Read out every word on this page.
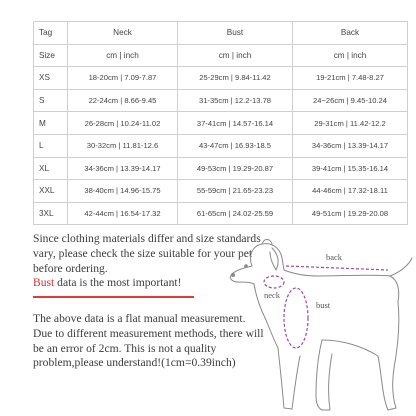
Tag	Neck	Bust	Back
Size	cm | inch	cm | inch	cm | inch
XS	18-20cm | 7.09-7.87	25-29cm | 9.84-11.42	19-21cm | 7.48-8.27
S	22-24cm | 8.66-9.45	31-35cm | 12.2-13.78	24~26cm | 9.45-10.24
M	26-28cm | 10.24-11.02	37-41cm | 14.57-16.14	29-31cm | 11.42-12.2
L	30-32cm | 11.81-12.6	43-47cm | 16.93-18.5	34-36cm | 13.39-14.17
XL	34-36cm | 13.39-14.17	49-53cm | 19.29-20.87	39-41cm | 15.35-16.14
XXL	38-40cm | 14.96-15.75	55-59cm | 21.65-23.23	44-46cm | 17.32-18.11
3XL	42-44cm | 16.54-17.32	61-65cm | 24.02-25.59	49-51cm | 19.29-20.08

Since clothing materials differ and size standards vary, please check the size suitable for your pet before ordering.

Bust data is the most important!

The above data is a flat manual measurement. Due to different measurement methods, there will be an error of 2cm. This is not a quality problem,please understand!(1cm=0.39inch)

back
neck
bust
